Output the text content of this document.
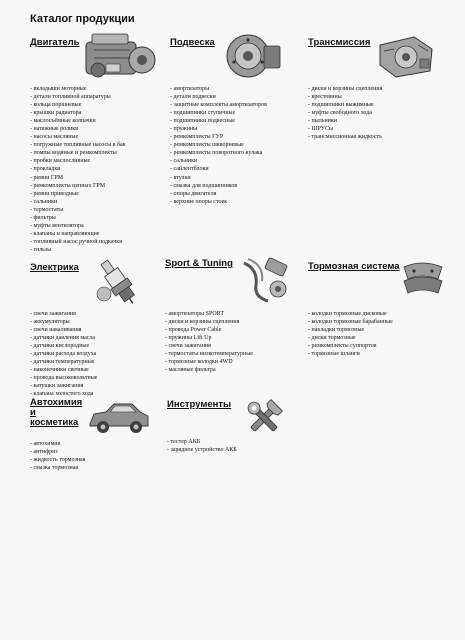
Каталог продукции
Двигатель
- вкладыши моторные
- детали топливной аппаратуры
- кольца поршневые
- крышки радиатора
- маслосъёмные колпачки
- натяжные ролики
- насосы масляные
- погружные топливные насосы в бак
- помпы водяные и ремкомплекты
- пробки маслосливные
- прокладки
- ремни ГРМ
- ремкомплекты цепных ГРМ
- ремни приводные
- сальники
- термостаты
- фильтры
- муфты вентилятора
- клапаны и направляющие
- топливный насос ручной подкачки
- гильзы
Подвеска
- амортизаторы
- детали подвески
- защитные комплекты амортизаторов
- подшипники ступичные
- подшипники подвесные
- пружины
- ремкомплекты ГУР
- ремкомплекты шкворневые
- ремкомплекты поворотного кулака
- сальники
- сайлентблоки
- втулки
- смазка для подшипников
- опоры двигателя
- верхние опоры стоек
Трансмиссия
- диски и корзины сцепления
- крестовины
- подшипники выжимные
- муфты свободного хода
- пыльники
- ШРУСы
- трансмиссионная жидкость
Электрика
- свечи зажигания
- аккумуляторы
- свечи накаливания
- датчики давления масла
- датчики кислородные
- датчики расхода воздуха
- датчики температурные
- наконечники свечные
- провода высоковольтные
- катушки зажигания
- клапана холостого хода
Sport & Tuning
- амортизаторы SPORT
- диски и корзины сцепления
- провода Power Cable
- пружины Lift Up
- свечи зажигания
- термостаты низкотемпературные
- тормозные колодки 4WD
- масляные фильтра
Тормозная система
- колодки тормозные дисковые
- колодки тормозные барабанные
- накладки тормозные
- диски тормозные
- ремкомплекты суппортов
- тормозные шланги
Автохимия
и
косметика
- автохимия
- антифриз
- жидкость тормозная
- смазка тормозная
Инструменты
- тестер АКБ
- зарядное устройство АКБ
